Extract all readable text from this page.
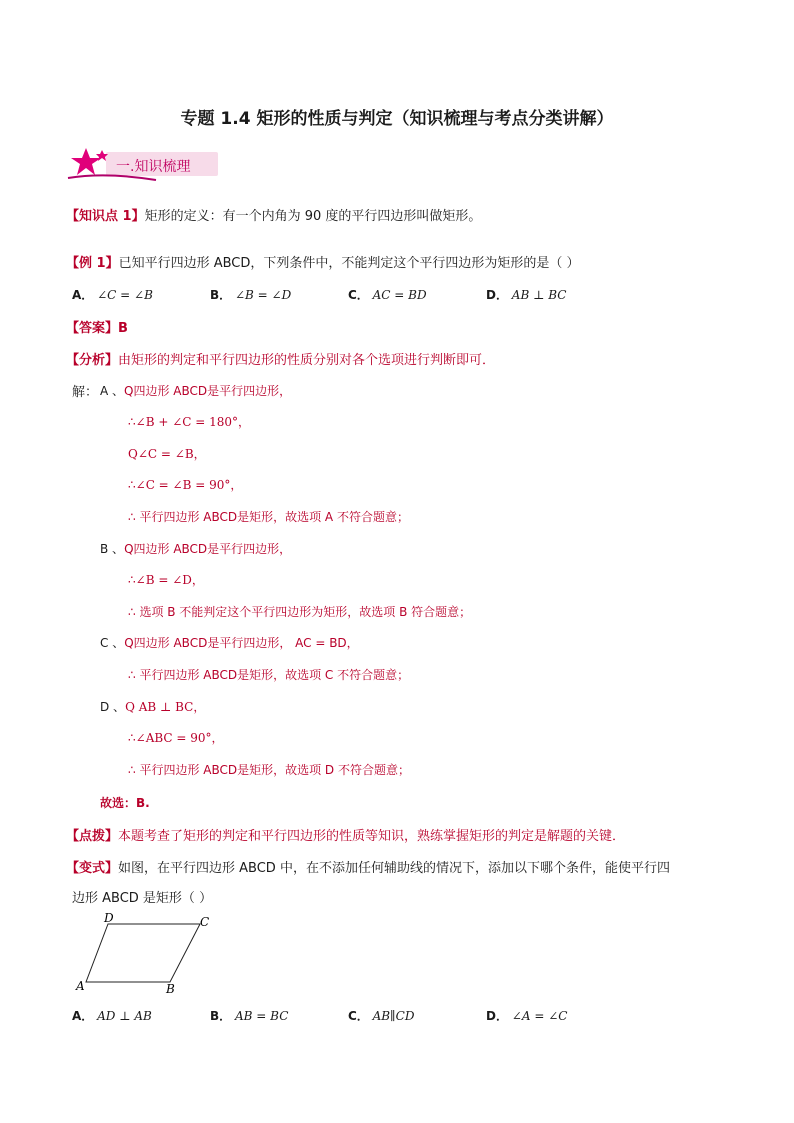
专题 1.4 矩形的性质与判定（知识梳理与考点分类讲解）
一.知识梳理
【知识点 1】矩形的定义：有一个内角为 90 度的平行四边形叫做矩形。
【例 1】已知平行四边形 ABCD，下列条件中，不能判定这个平行四边形为矩形的是（ ）
A． ∠C = ∠B	B． ∠B = ∠D	C． AC = BD	D． AB ⊥ BC
【答案】B
【分析】由矩形的判定和平行四边形的性质分别对各个选项进行判断即可．
解： A 、Q四边形 ABCD是平行四边形，
∴∠B + ∠C = 180°，
Q∠C = ∠B，
∴∠C = ∠B = 90°，
∴ 平行四边形 ABCD是矩形，故选项 A 不符合题意；
B 、Q四边形 ABCD是平行四边形，
∴∠B = ∠D，
∴ 选项 B 不能判定这个平行四边形为矩形，故选项 B 符合题意；
C 、Q四边形 ABCD是平行四边形， AC = BD，
∴ 平行四边形 ABCD是矩形，故选项 C 不符合题意；
D 、Q AB ⊥ BC，
∴∠ABC = 90°，
∴ 平行四边形 ABCD是矩形，故选项 D 不符合题意；
故选：B.
【点拨】本题考查了矩形的判定和平行四边形的性质等知识，熟练掌握矩形的判定是解题的关键．
【变式】如图，在平行四边形 ABCD 中，在不添加任何辅助线的情况下，添加以下哪个条件，能使平行四
边形 ABCD 是矩形（ ）
D	C
A	B
A． AD ⊥ AB	B． AB = BC	C． AB∥CD	D． ∠A = ∠C
